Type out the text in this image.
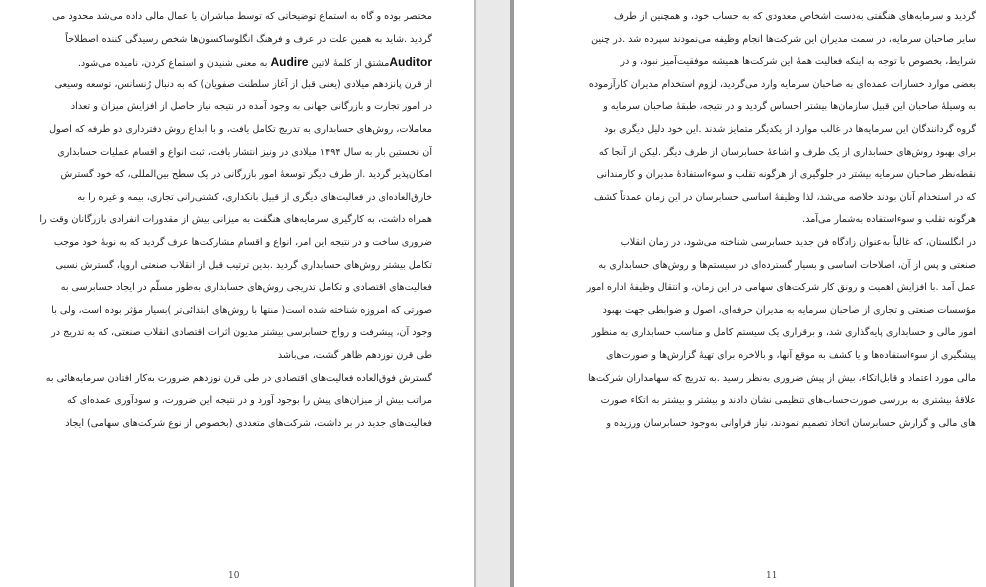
مختصر بوده و گاه به استماع توضیحاتی که توسط مباشران یا عمال مالی داده می‌شد محدود می
گردید .شاید به همین علت در عرف و فرهنگ انگلوساکسون‌ها شخص رسیدگی کننده اصطلاحاً
Auditorمشتق از کلمهٔ لاتین Audire به معنی شنیدن و استماع کردن، نامیده می‌شود.
از قرن پانزدهم میلادی (یعنی قبل از آغاز سلطنت صفویان) که به دنبال رُنسانس، توسعه وسیعی
در امور تجارت و بازرگانی جهانی به وجود آمده در نتیجه نیاز حاصل از افزایش میزان و تعداد
معاملات، روش‌های حسابداری به تدریج تکامل یافت، و با ابداع روش دفترداری دو طرفه که اصول
آن نخستین بار به سال ۱۴۹۴ میلادی در ونیز انتشار یافت، ثبت انواع و اقسام عملیات حسابداری
امکان‌پذیر گردید .از طرف دیگر توسعهٔ امور بازرگانی در یک سطح بین‌المللی، که خود گسترش
خارق‌العاده‌ای در فعالیت‌های دیگری از قبیل بانکداری، کشتی‌رانی تجاری، بیمه و غیره را به
همراه داشت، به کارگیری سرمایه‌های هنگفت به میزانی بیش از مقدورات انفرادی بازرگانان وقت را
ضروری ساخت و در نتیجه این امر، انواع و اقسام مشارکت‌ها عرف گردید که به نوبهٔ خود موجب
تکامل بیشتر روش‌های حسابداری گردید .بدین ترتیب قبل از انقلاب صنعتی اروپا، گسترش نسبی
فعالیت‌های اقتصادی و تکامل تدریجی روش‌های حسابداری به‌طور مسلّم در ایجاد حسابرسی به
صورتی که امروزه شناخته شده است( منتها با روش‌های ابتدائی‌تر )بسیار مؤثر بوده است، ولی با
وجود آن، پیشرفت و رواج حسابرسی بیشتر مدیون اثرات اقتصادی انقلاب صنعتی، که به تدریج در
طی قرن نوزدهم ظاهر گشت، می‌باشد
گسترش فوق‌العاده فعالیت‌های اقتصادی در طی قرن نوزدهم ضرورت به‌کار افتادن سرمایه‌هائی به
مراتب بیش از میزان‌های پیش را بوجود آورد و در نتیجه این ضرورت، و سودآوری عمده‌ای که
فعالیت‌های جدید در بر داشت، شرکت‌های متعددی (بخصوص از نوع شرکت‌های سهامی) ایجاد
10
گردید و سرمایه‌های هنگفتی به‌دست اشخاص معدودی که به حساب خود، و همچنین از طرف
سایر صاحبان سرمایه، در سمت مدیران این شرکت‌ها انجام وظیفه می‌نمودند سپرده شد .در چنین
شرایط، بخصوص با توجه به اینکه فعالیت همهٔ این شرکت‌ها همیشه موفقیت‌آمیز نبود، و در
بعضی موارد خسارات عمده‌ای به صاحبان سرمایه وارد می‌گردید، لزوم استخدام مدیران کارآزموده
به وسیلهٔ صاحبان این قبیل سازمان‌ها بیشتر احساس گردید و در نتیجه، طبقهٔ صاحبان سرمایه و
گروه گردانندگان این سرمایه‌ها در غالب موارد از یکدیگر متمایز شدند .این خود دلیل دیگری بود
برای بهبود روش‌های حسابداری از یک طرف و اشاعهٔ حسابرسان از طرف دیگر .لیکن از آنجا که
نقطه‌نظر صاحبان سرمایه بیشتر در جلوگیری از هرگونه تقلب و سوءاستفادهٔ مدیران و کارمندانی
که در استخدام آنان بودند خلاصه می‌شد، لذا وظیفهٔ اساسی حسابرسان در این زمان عمدتاً کشف
هرگونه تقلب و سوءاستفاده به‌شمار می‌آمد.
در انگلستان، که غالباً به‌عنوان زادگاه فن جدید حسابرسی شناخته می‌شود، در زمان انقلاب
صنعتی و پس از آن، اصلاحات اساسی و بسیار گسترده‌ای در سیستم‌ها و روش‌های حسابداری به
عمل آمد .با افزایش اهمیت و رونق کار شرکت‌های سهامی در این زمان، و انتقال وظیفهٔ اداره امور
مؤسسات صنعتی و تجاری از صاحبان سرمایه به مدیران حرفه‌ای، اصول و ضوابطی جهت بهبود
امور مالی و حسابداری پایه‌گذاری شد، و برقراری یک سیستم کامل و مناسب حسابداری به منظور
پیشگیری از سوءاستفاده‌ها و یا کشف به موقع آنها، و بالاخره برای تهیهٔ گزارش‌ها و صورت‌های
مالی مورد اعتماد و قابل‌اتکاء، بیش از پیش ضروری به‌نظر رسید .به تدریج که سهامداران شرکت‌ها
علاقهٔ بیشتری به بررسی صورت‌حساب‌های تنظیمی نشان دادند و بیشتر و بیشتر به اتکاء صورت
های مالی و گزارش حسابرسان اتخاذ تصمیم نمودند، نیاز فراوانی به‌وجود حسابرسان ورزیده و
11
